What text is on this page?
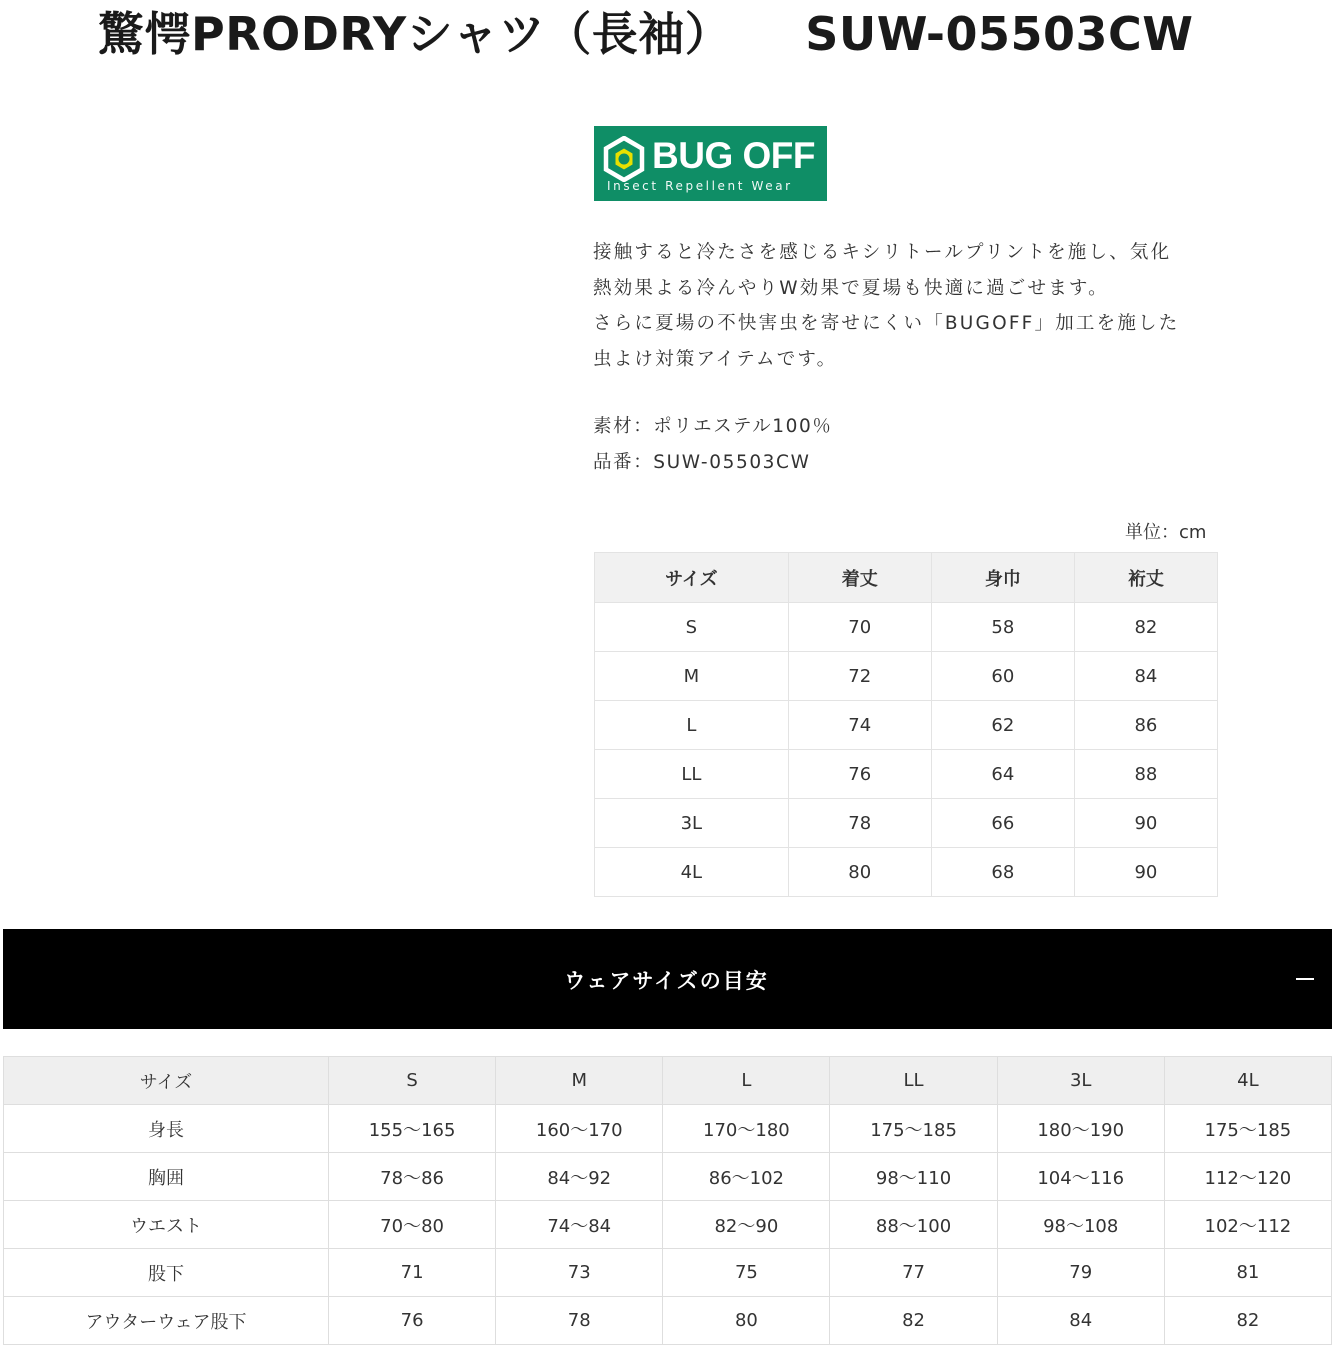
驚愕PRODRYシャツ（長袖） SUW-05503CW
BUG OFF
Insect Repellent Wear

接触すると冷たさを感じるキシリトールプリントを施し、気化

熱効果よる冷んやりW効果で夏場も快適に過ごせます。

さらに夏場の不快害虫を寄せにくい「BUGOFF」加工を施した

虫よけ対策アイテムです。

素材：ポリエステル100％

品番：SUW-05503CW

単位：cm
サイズ	着丈	身巾	裄丈
S	70	58	82
M	72	60	84
L	74	62	86
LL	76	64	88
3L	78	66	90
4L	80	68	90
ウェアサイズの目安
サイズ	S	M	L	LL	3L	4L
身長	155〜165	160〜170	170〜180	175〜185	180〜190	175〜185
胸囲	78〜86	84〜92	86〜102	98〜110	104〜116	112〜120
ウエスト	70〜80	74〜84	82〜90	88〜100	98〜108	102〜112
股下	71	73	75	77	79	81
アウターウェア股下	76	78	80	82	84	82
